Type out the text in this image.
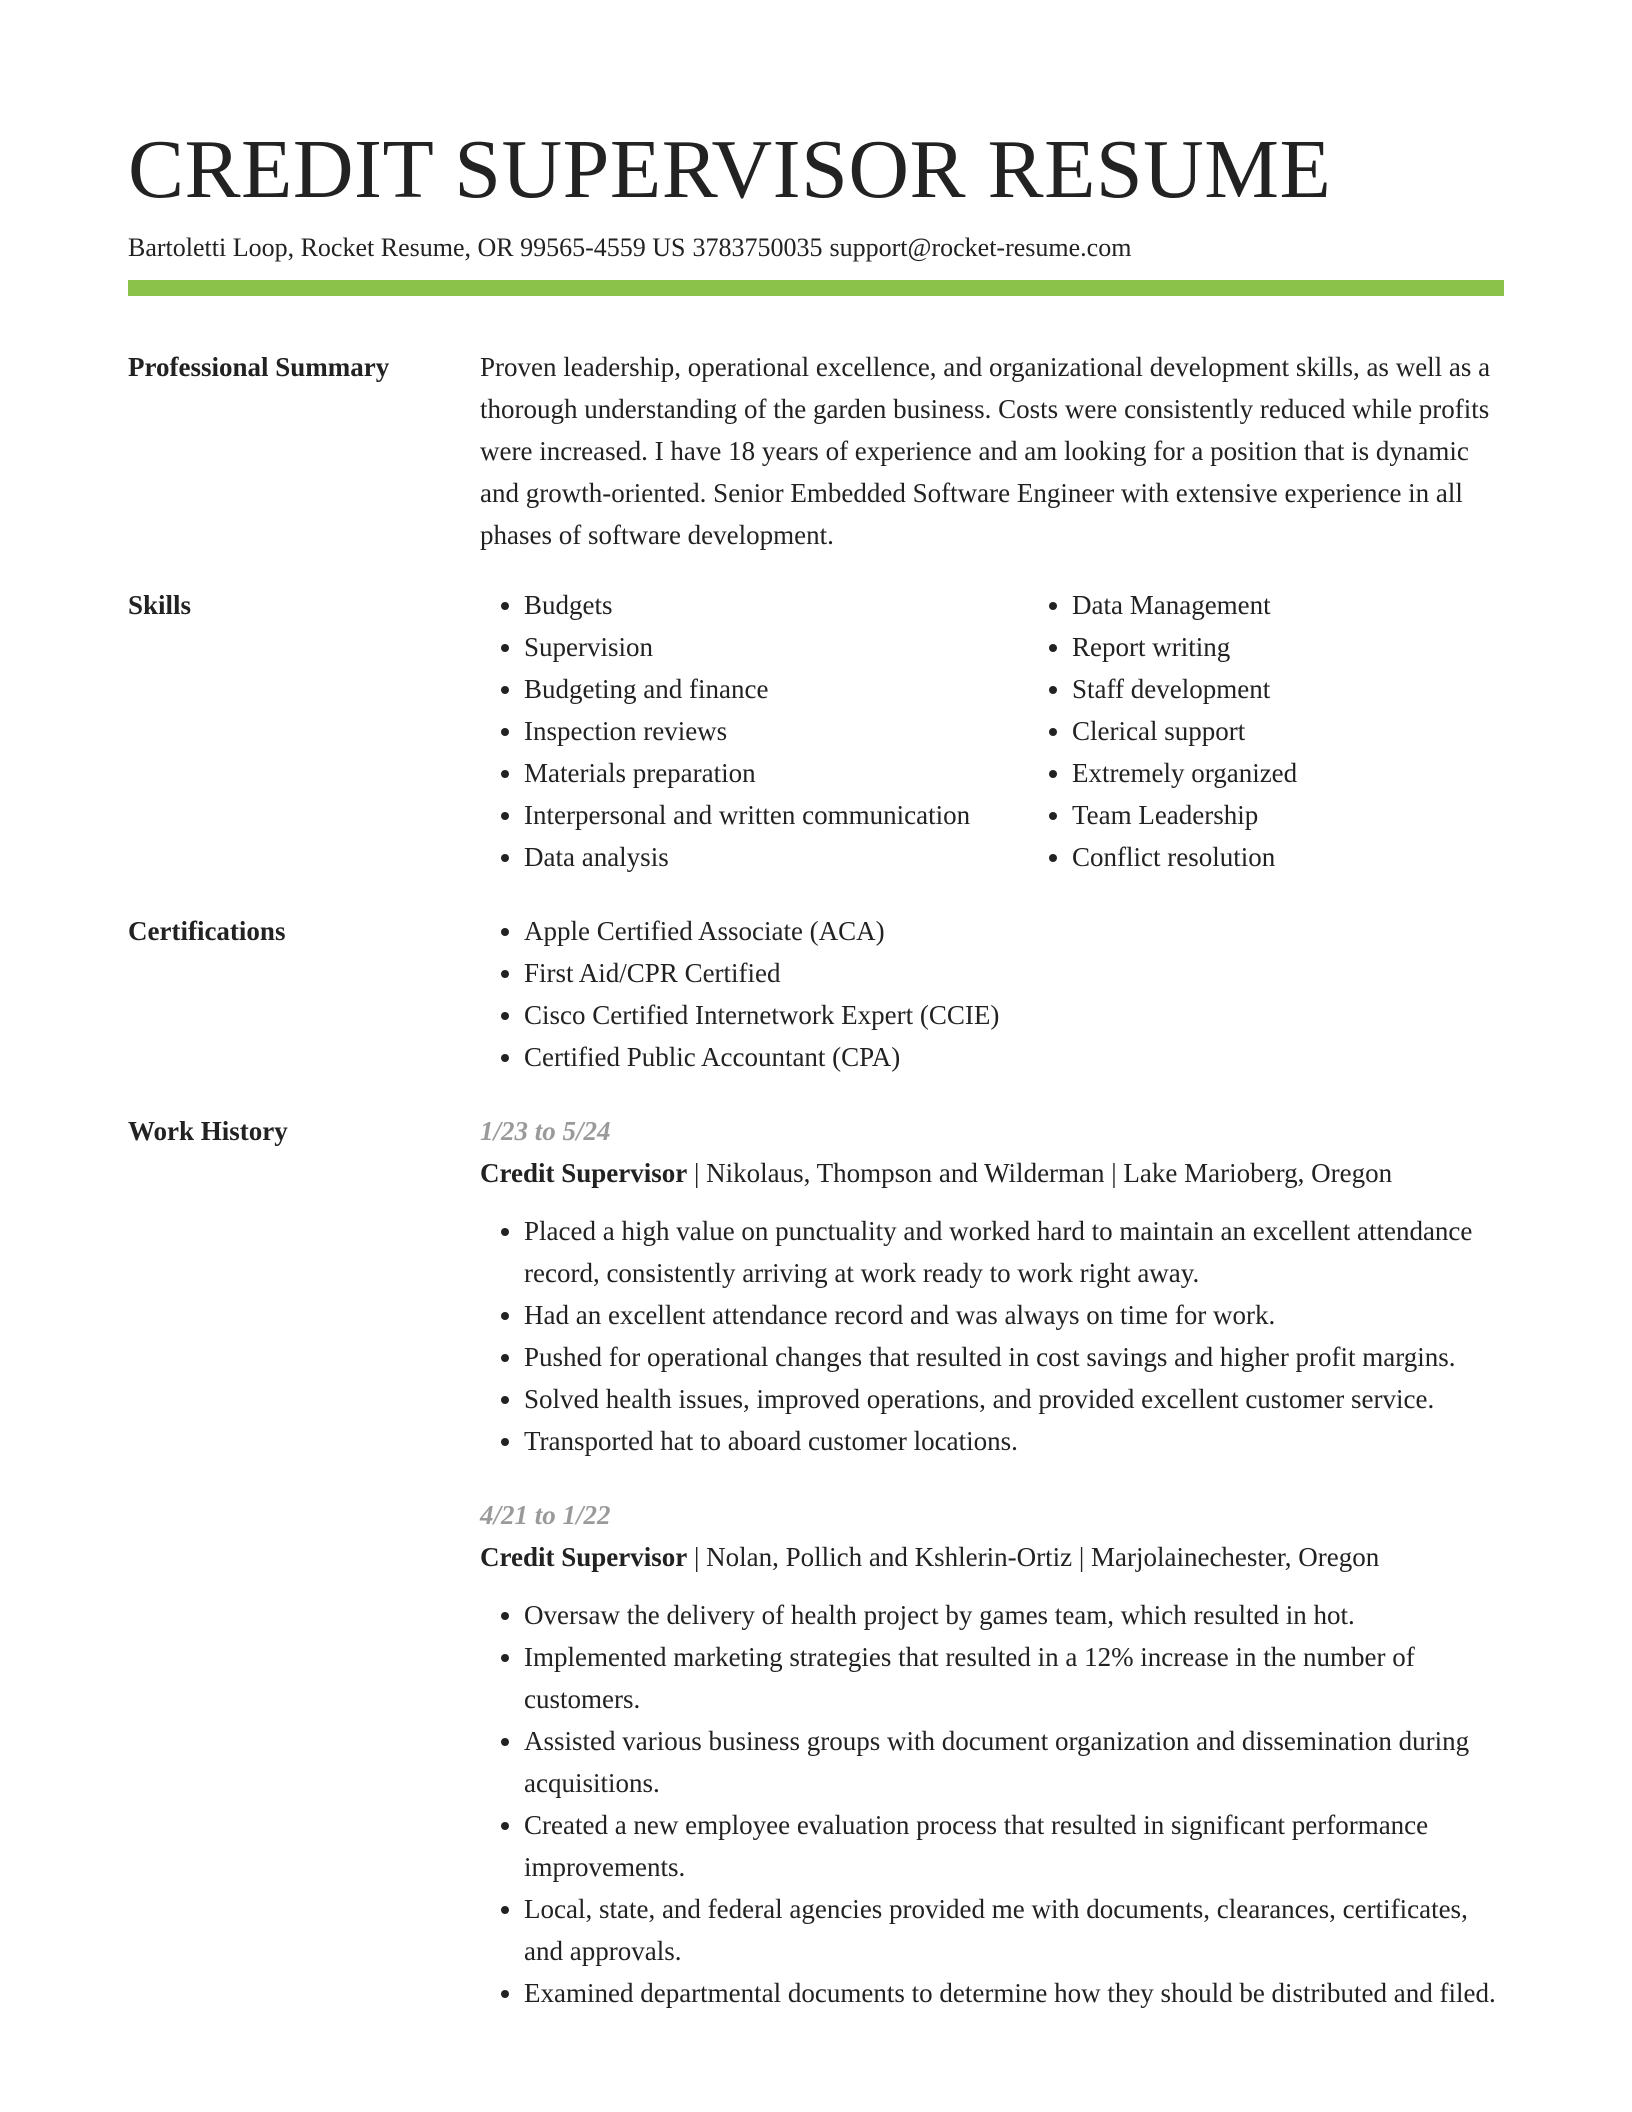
CREDIT SUPERVISOR RESUME
Bartoletti Loop, Rocket Resume, OR 99565-4559 US 3783750035 support@rocket-resume.com
Professional Summary	Proven leadership, operational excellence, and organizational development skills, as well as a thorough understanding of the garden business. Costs were consistently reduced while profits were increased. I have 18 years of experience and am looking for a position that is dynamic and growth-oriented. Senior Embedded Software Engineer with extensive experience in all phases of software development.

Skills	• Budgets
• Supervision
• Budgeting and finance
• Inspection reviews
• Materials preparation
• Interpersonal and written communication
• Data analysis
• Data Management
• Report writing
• Staff development
• Clerical support
• Extremely organized
• Team Leadership
• Conflict resolution
Certifications	• Apple Certified Associate (ACA)
• First Aid/CPR Certified
• Cisco Certified Internetwork Expert (CCIE)
• Certified Public Accountant (CPA)
Work History	1/23 to 5/24
Credit Supervisor | Nikolaus, Thompson and Wilderman | Lake Marioberg, Oregon
• Placed a high value on punctuality and worked hard to maintain an excellent attendance record, consistently arriving at work ready to work right away.
• Had an excellent attendance record and was always on time for work.
• Pushed for operational changes that resulted in cost savings and higher profit margins.
• Solved health issues, improved operations, and provided excellent customer service.
• Transported hat to aboard customer locations.
4/21 to 1/22
Credit Supervisor | Nolan, Pollich and Kshlerin-Ortiz | Marjolainechester, Oregon
• Oversaw the delivery of health project by games team, which resulted in hot.
• Implemented marketing strategies that resulted in a 12% increase in the number of customers.
• Assisted various business groups with document organization and dissemination during acquisitions.
• Created a new employee evaluation process that resulted in significant performance improvements.
• Local, state, and federal agencies provided me with documents, clearances, certificates, and approvals.
• Examined departmental documents to determine how they should be distributed and filed.
